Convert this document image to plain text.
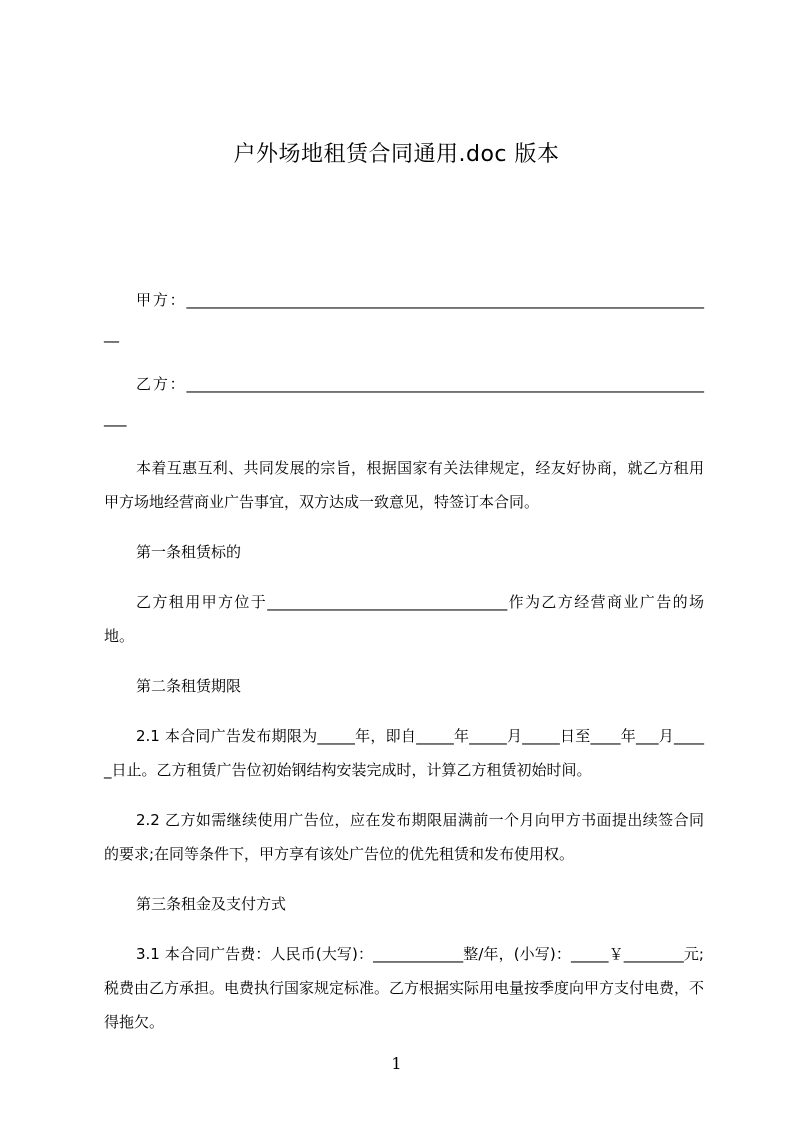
户外场地租赁合同通用.doc 版本

甲方：_______________________________________________________________________

乙方：________________________________________________________________________

本着互惠互利、共同发展的宗旨，根据国家有关法律规定，经友好协商，就乙方租用甲方场地经营商业广告事宜，双方达成一致意见，特签订本合同。

第一条租赁标的

乙方租用甲方位于________________________________作为乙方经营商业广告的场地。

第二条租赁期限

2.1 本合同广告发布期限为_____年，即自_____年_____月_____日至____年___月_____日止。乙方租赁广告位初始钢结构安装完成时，计算乙方租赁初始时间。

2.2 乙方如需继续使用广告位，应在发布期限届满前一个月向甲方书面提出续签合同的要求;在同等条件下，甲方享有该处广告位的优先租赁和发布使用权。

第三条租金及支付方式

3.1 本合同广告费：人民币(大写)：____________整/年，(小写)：_____￥________元;税费由乙方承担。电费执行国家规定标准。乙方根据实际用电量按季度向甲方支付电费，不得拖欠。

1
